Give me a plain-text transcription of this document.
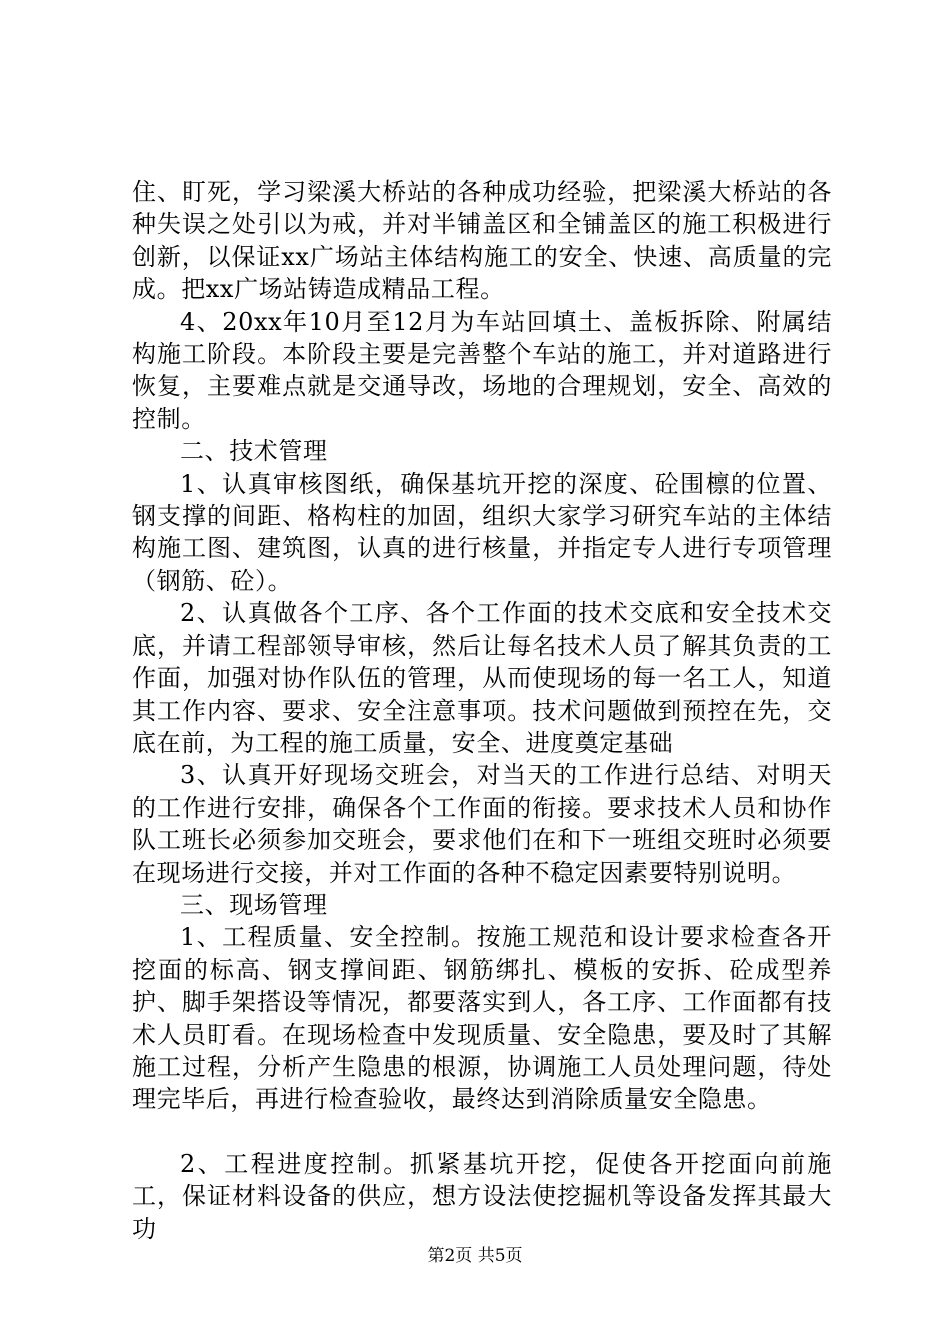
住、盯死，学习梁溪大桥站的各种成功经验，把梁溪大桥站的各种失误之处引以为戒，并对半铺盖区和全铺盖区的施工积极进行创新，以保证xx广场站主体结构施工的安全、快速、高质量的完成。把xx广场站铸造成精品工程。

4、20xx年10月至12月为车站回填土、盖板拆除、附属结构施工阶段。本阶段主要是完善整个车站的施工，并对道路进行恢复，主要难点就是交通导改，场地的合理规划，安全、高效的控制。

二、技术管理

1、认真审核图纸，确保基坑开挖的深度、砼围檩的位置、钢支撑的间距、格构柱的加固，组织大家学习研究车站的主体结构施工图、建筑图，认真的进行核量，并指定专人进行专项管理（钢筋、砼）。

2、认真做各个工序、各个工作面的技术交底和安全技术交底，并请工程部领导审核，然后让每名技术人员了解其负责的工作面，加强对协作队伍的管理，从而使现场的每一名工人，知道其工作内容、要求、安全注意事项。技术问题做到预控在先，交底在前，为工程的施工质量，安全、进度奠定基础

3、认真开好现场交班会，对当天的工作进行总结、对明天的工作进行安排，确保各个工作面的衔接。要求技术人员和协作队工班长必须参加交班会，要求他们在和下一班组交班时必须要在现场进行交接，并对工作面的各种不稳定因素要特别说明。

三、现场管理

1、工程质量、安全控制。按施工规范和设计要求检查各开挖面的标高、钢支撑间距、钢筋绑扎、模板的安拆、砼成型养护、脚手架搭设等情况，都要落实到人，各工序、工作面都有技术人员盯看。在现场检查中发现质量、安全隐患，要及时了其解施工过程，分析产生隐患的根源，协调施工人员处理问题，待处理完毕后，再进行检查验收，最终达到消除质量安全隐患。

2、工程进度控制。抓紧基坑开挖，促使各开挖面向前施工，保证材料设备的供应，想方设法使挖掘机等设备发挥其最大功

第2页 共5页
